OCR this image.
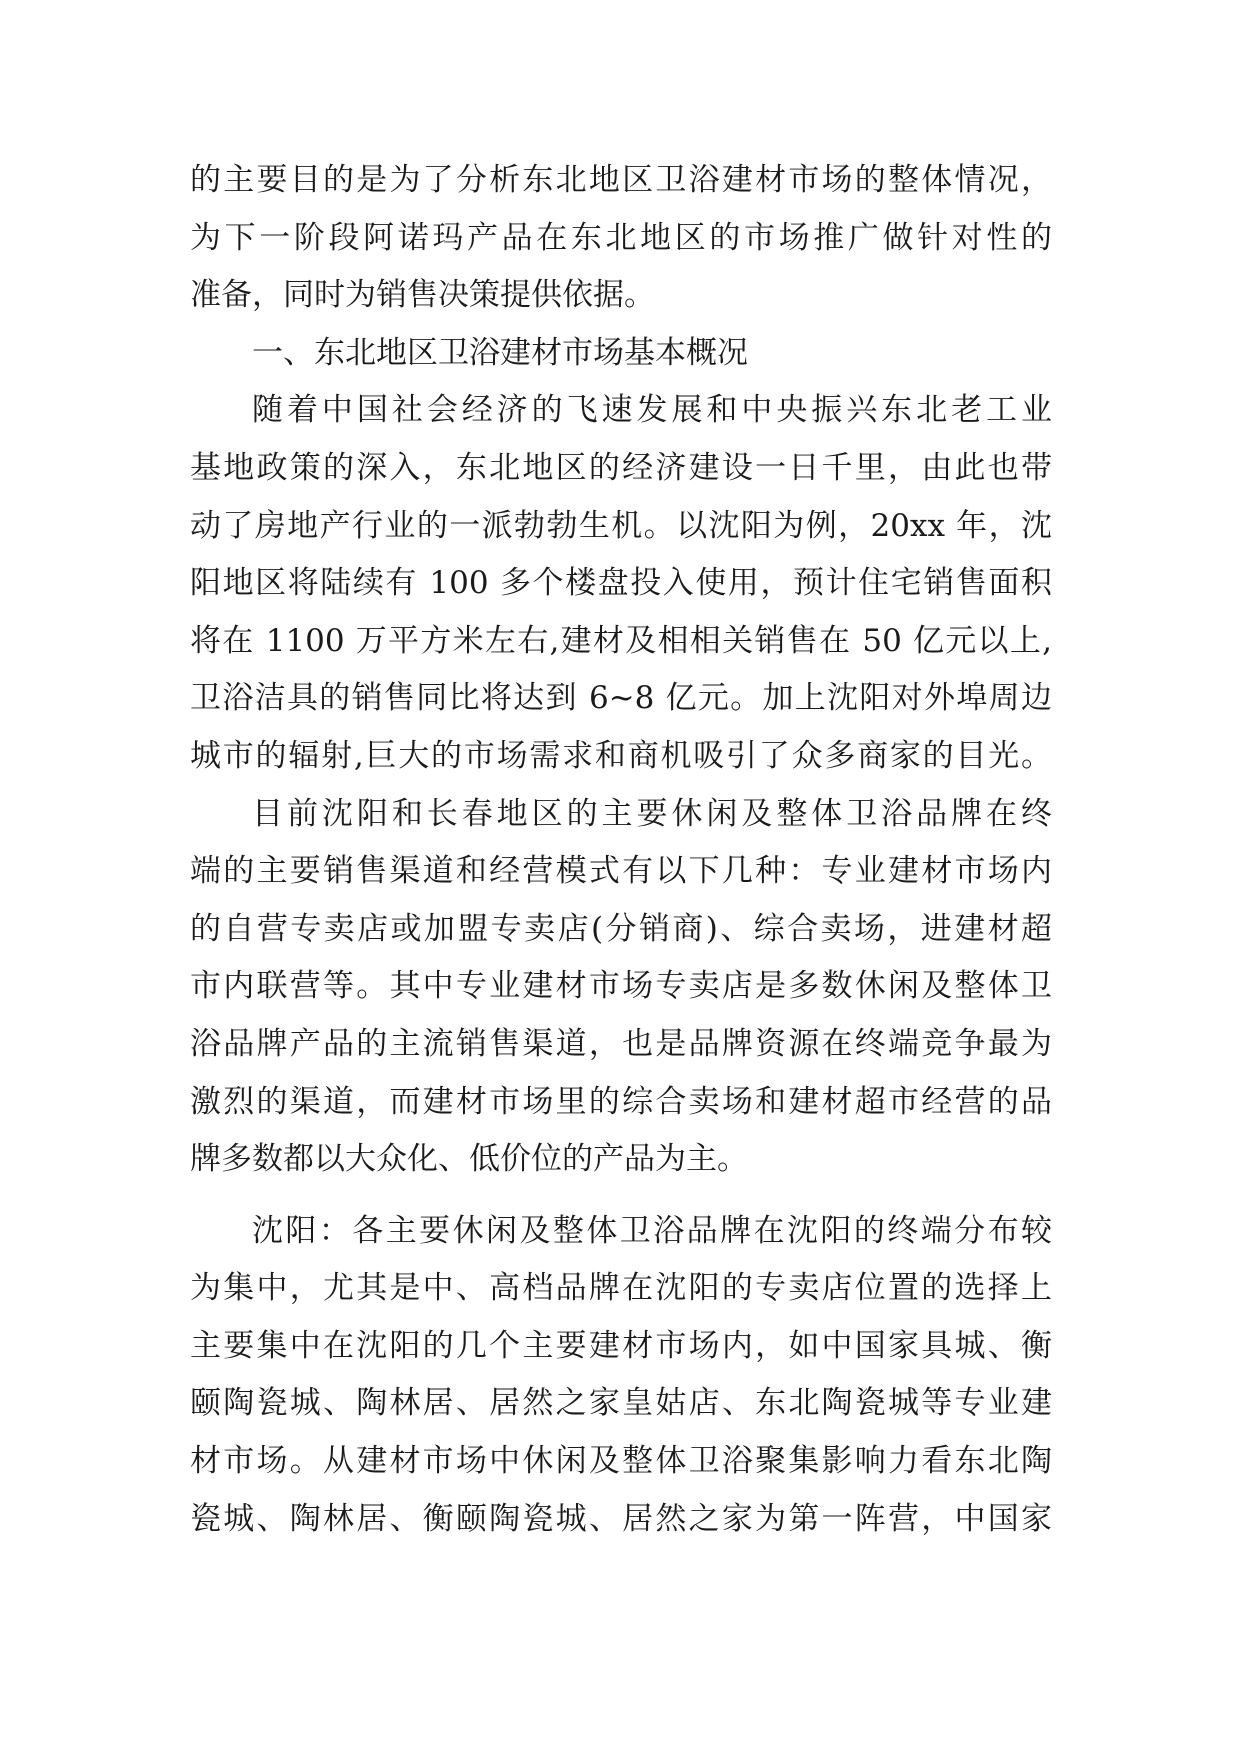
的主要目的是为了分析东北地区卫浴建材市场的整体情况，
为下一阶段阿诺玛产品在东北地区的市场推广做针对性的
准备，同时为销售决策提供依据。
一、东北地区卫浴建材市场基本概况
随着中国社会经济的飞速发展和中央振兴东北老工业
基地政策的深入，东北地区的经济建设一日千里，由此也带
动了房地产行业的一派勃勃生机。以沈阳为例，20xx 年，沈
阳地区将陆续有 100 多个楼盘投入使用，预计住宅销售面积
将在 1100 万平方米左右,建材及相相关销售在 50 亿元以上,
卫浴洁具的销售同比将达到 6~8 亿元。加上沈阳对外埠周边
城市的辐射,巨大的市场需求和商机吸引了众多商家的目光。
目前沈阳和长春地区的主要休闲及整体卫浴品牌在终
端的主要销售渠道和经营模式有以下几种：专业建材市场内
的自营专卖店或加盟专卖店(分销商)、综合卖场，进建材超
市内联营等。其中专业建材市场专卖店是多数休闲及整体卫
浴品牌产品的主流销售渠道，也是品牌资源在终端竞争最为
激烈的渠道，而建材市场里的综合卖场和建材超市经营的品
牌多数都以大众化、低价位的产品为主。
沈阳：各主要休闲及整体卫浴品牌在沈阳的终端分布较
为集中，尤其是中、高档品牌在沈阳的专卖店位置的选择上
主要集中在沈阳的几个主要建材市场内，如中国家具城、衡
颐陶瓷城、陶林居、居然之家皇姑店、东北陶瓷城等专业建
材市场。从建材市场中休闲及整体卫浴聚集影响力看东北陶
瓷城、陶林居、衡颐陶瓷城、居然之家为第一阵营，中国家
